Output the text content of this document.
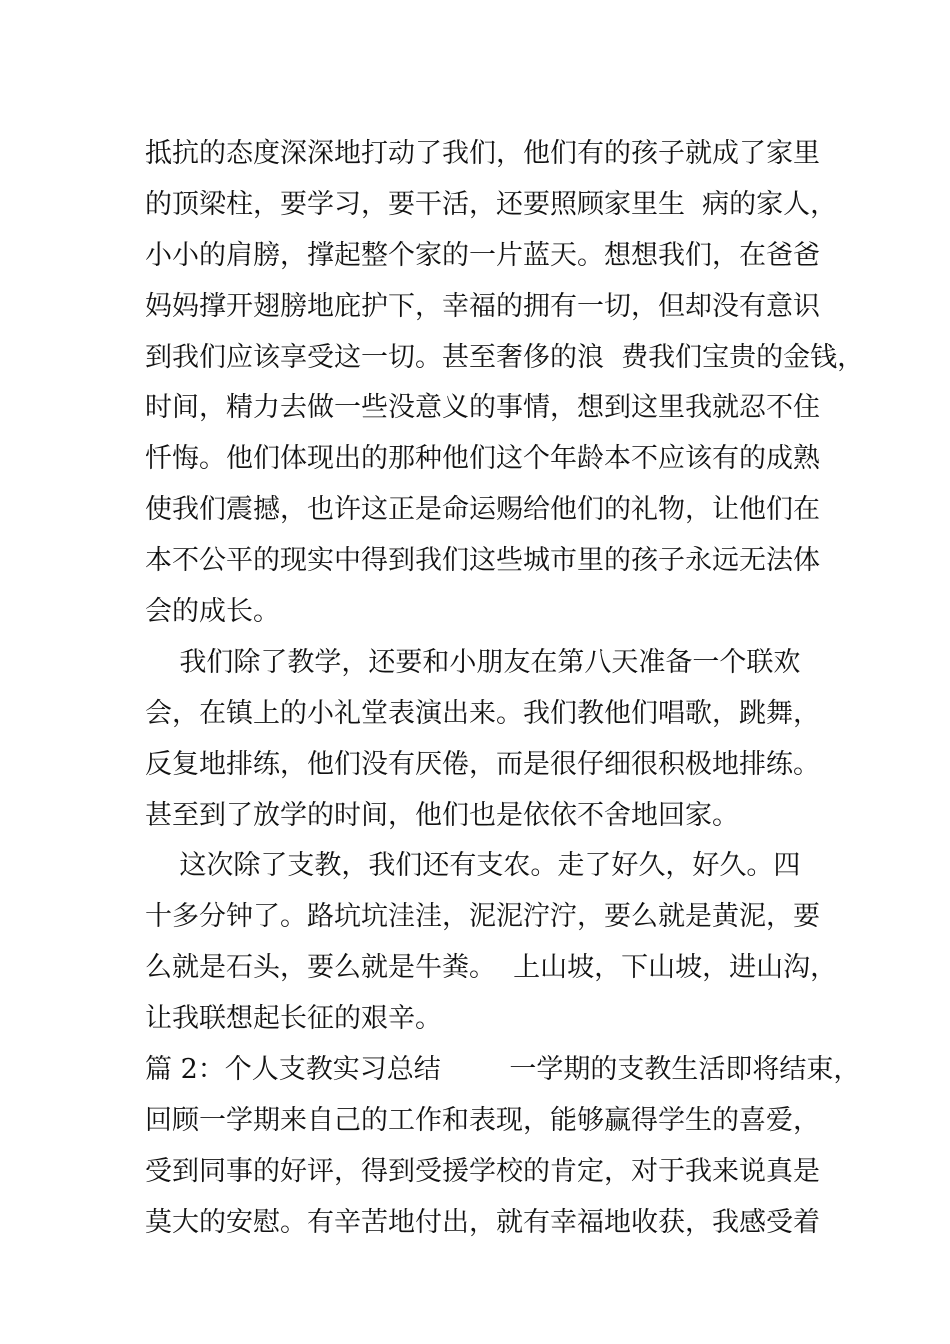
抵抗的态度深深地打动了我们，他们有的孩子就成了家里

的顶梁柱，要学习，要干活，还要照顾家里生  病的家人，

小小的肩膀，撑起整个家的一片蓝天。想想我们，在爸爸

妈妈撑开翅膀地庇护下，幸福的拥有一切，但却没有意识

到我们应该享受这一切。甚至奢侈的浪  费我们宝贵的金钱，

时间，精力去做一些没意义的事情，想到这里我就忍不住

忏悔。他们体现出的那种他们这个年龄本不应该有的成熟

使我们震撼，也许这正是命运赐给他们的礼物，让他们在

本不公平的现实中得到我们这些城市里的孩子永远无法体

会的成长。

我们除了教学，还要和小朋友在第八天准备一个联欢

会，在镇上的小礼堂表演出来。我们教他们唱歌，跳舞，

反复地排练，他们没有厌倦，而是很仔细很积极地排练。

甚至到了放学的时间，他们也是依依不舍地回家。

这次除了支教，我们还有支农。走了好久，好久。四

十多分钟了。路坑坑洼洼，泥泥泞泞，要么就是黄泥，要

么就是石头，要么就是牛粪。  上山坡，下山坡，进山沟，

让我联想起长征的艰辛。

篇 2：个人支教实习总结        一学期的支教生活即将结束，

回顾一学期来自己的工作和表现，能够赢得学生的喜爱，

受到同事的好评，得到受援学校的肯定，对于我来说真是

莫大的安慰。有辛苦地付出，就有幸福地收获，我感受着
